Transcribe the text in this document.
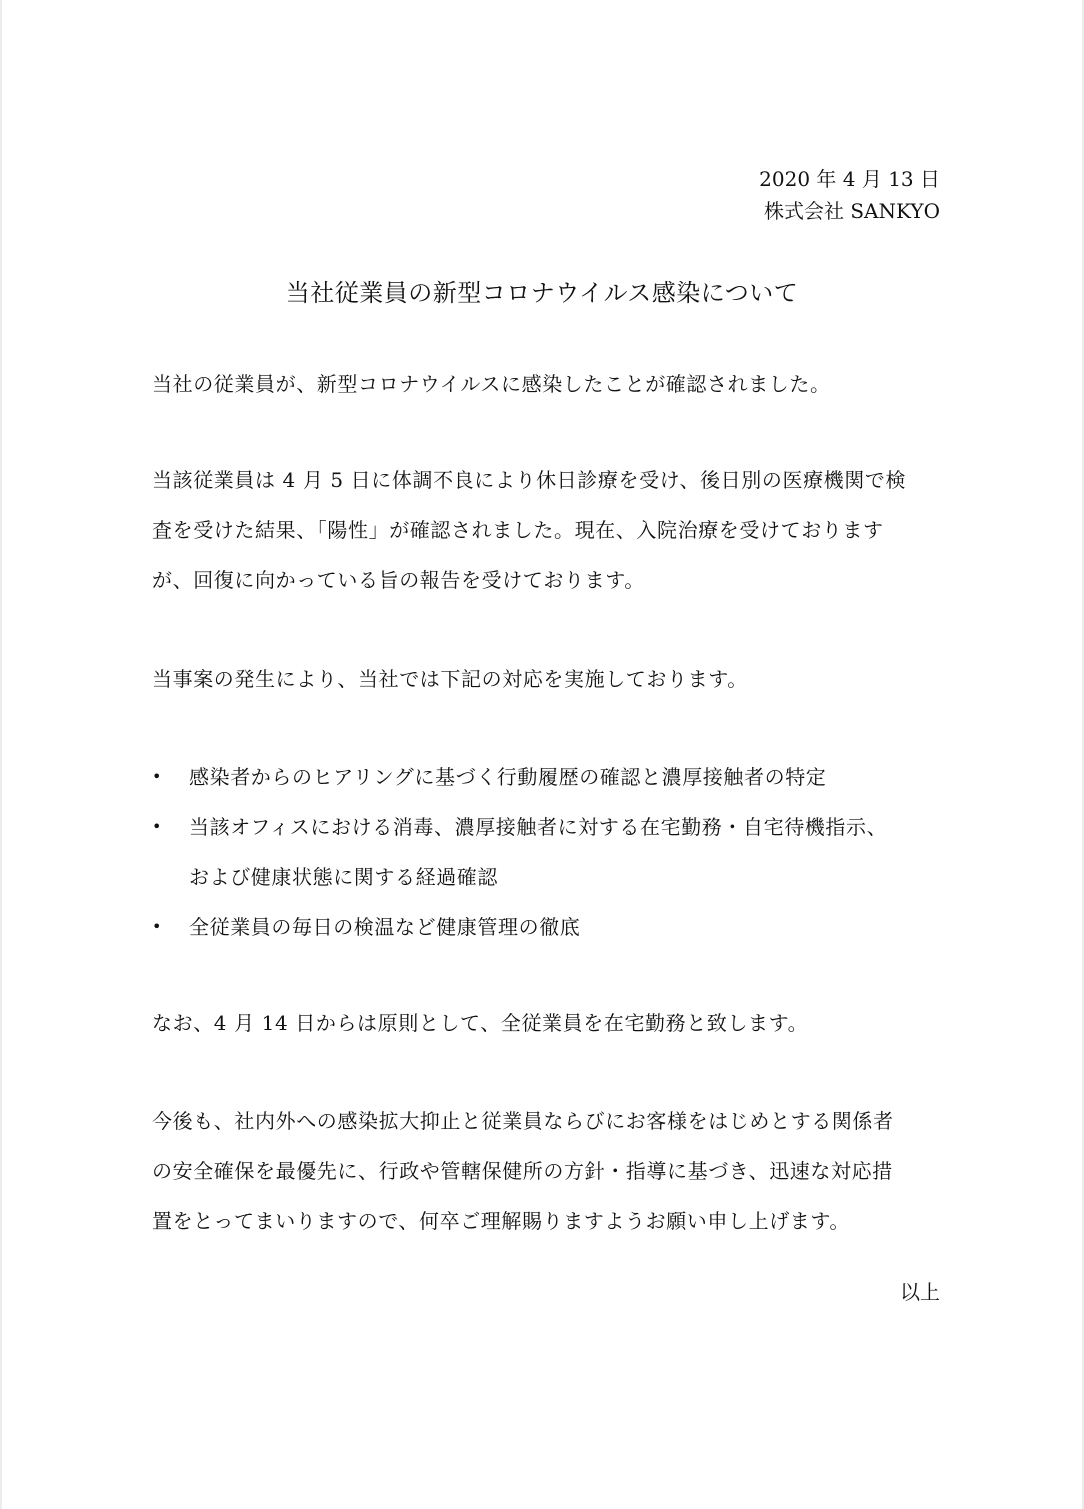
2020 年 4 月 13 日
株式会社 SANKYO
当社従業員の新型コロナウイルス感染について
当社の従業員が、新型コロナウイルスに感染したことが確認されました。
当該従業員は 4 月 5 日に体調不良により休日診療を受け、後日別の医療機関で検
査を受けた結果、「陽性」が確認されました。現在、入院治療を受けております
が、回復に向かっている旨の報告を受けております。
当事案の発生により、当社では下記の対応を実施しております。
• 感染者からのヒアリングに基づく行動履歴の確認と濃厚接触者の特定
• 当該オフィスにおける消毒、濃厚接触者に対する在宅勤務・自宅待機指示、
および健康状態に関する経過確認
• 全従業員の毎日の検温など健康管理の徹底
なお、4 月 14 日からは原則として、全従業員を在宅勤務と致します。
今後も、社内外への感染拡大抑止と従業員ならびにお客様をはじめとする関係者
の安全確保を最優先に、行政や管轄保健所の方針・指導に基づき、迅速な対応措
置をとってまいりますので、何卒ご理解賜りますようお願い申し上げます。
以上
